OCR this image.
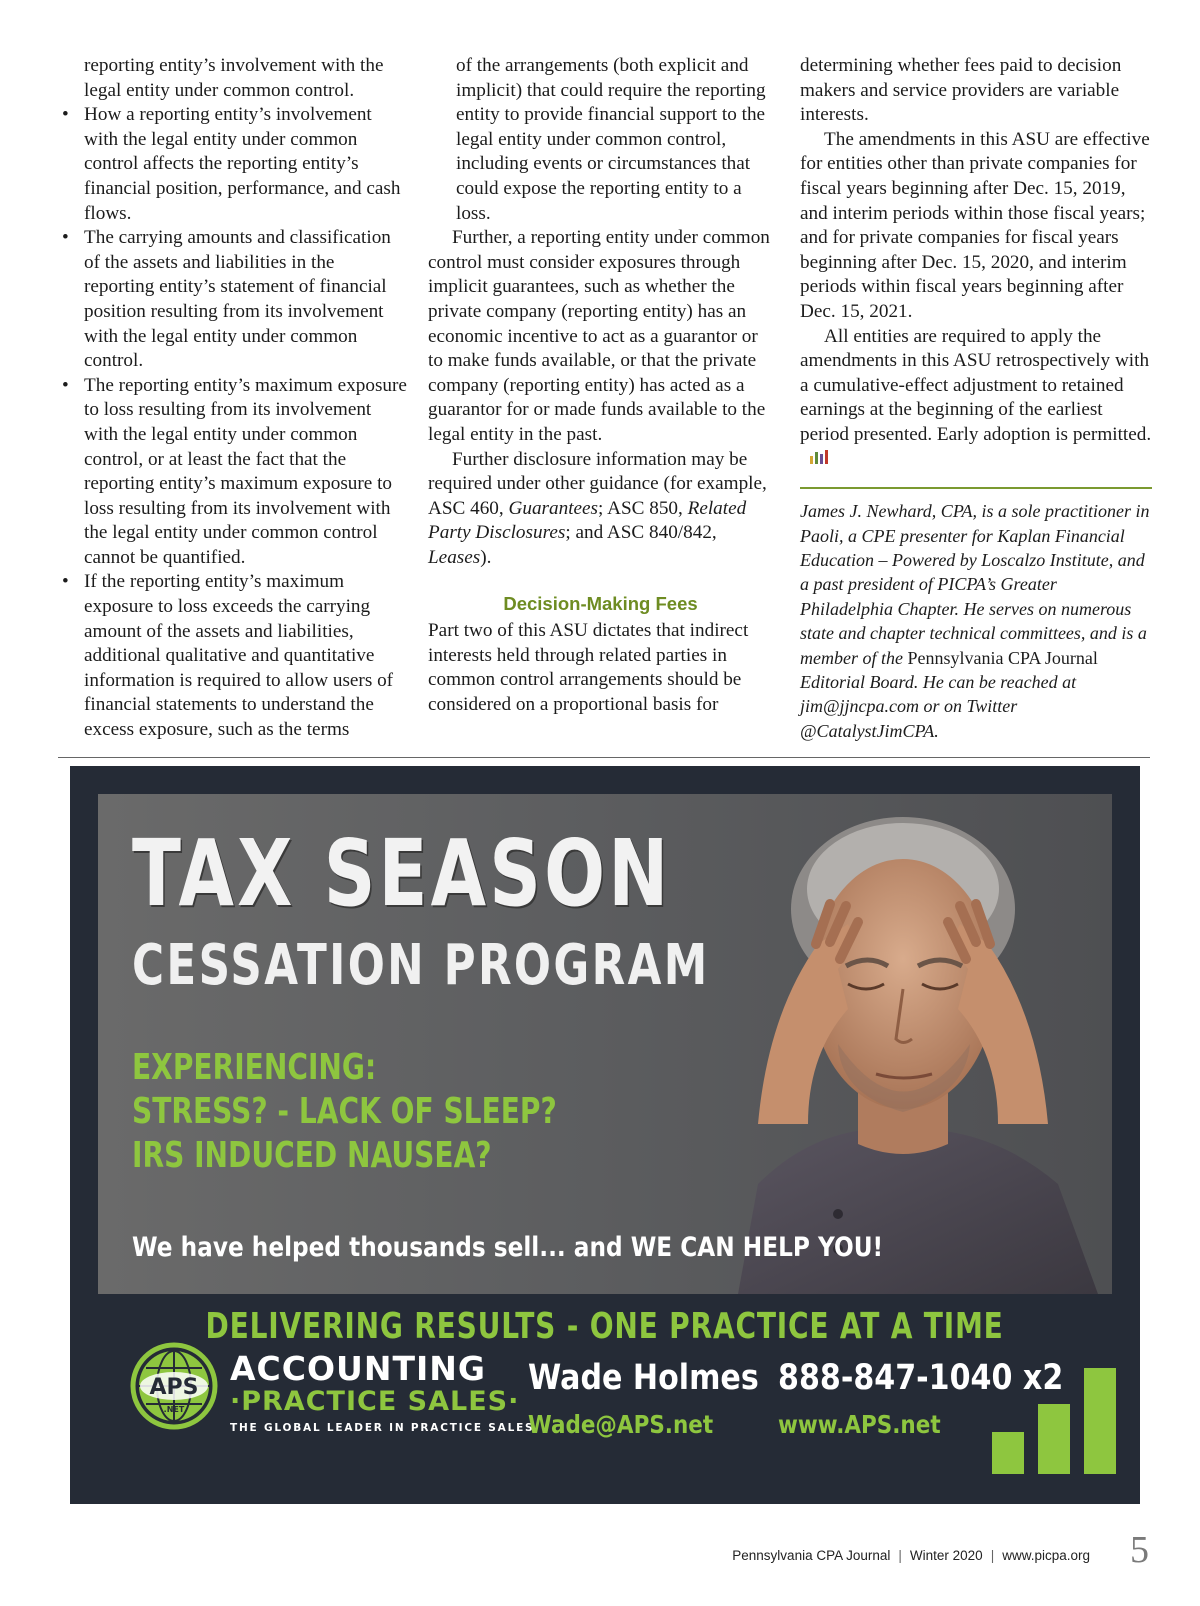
reporting entity’s involvement with the legal entity under common control.

• How a reporting entity’s involvement with the legal entity under common control affects the reporting entity’s financial position, performance, and cash flows.
• The carrying amounts and classification of the assets and liabilities in the reporting entity’s statement of financial position resulting from its involvement with the legal entity under common control.
• The reporting entity’s maximum exposure to loss resulting from its involvement with the legal entity under common control, or at least the fact that the reporting entity’s maximum exposure to loss resulting from its involvement with the legal entity under common control cannot be quantified.
• If the reporting entity’s maximum exposure to loss exceeds the carrying amount of the assets and liabilities, additional qualitative and quantitative information is required to allow users of financial statements to understand the excess exposure, such as the terms

of the arrangements (both explicit and implicit) that could require the reporting entity to provide financial support to the legal entity under common control, including events or circumstances that could expose the reporting entity to a loss.

Further, a reporting entity under common control must consider exposures through implicit guarantees, such as whether the private company (reporting entity) has an economic incentive to act as a guarantor or to make funds available, or that the private company (reporting entity) has acted as a guarantor for or made funds available to the legal entity in the past.

Further disclosure information may be required under other guidance (for example, ASC 460, Guarantees; ASC 850, Related Party Disclosures; and ASC 840/842, Leases).

Decision-Making Fees

Part two of this ASU dictates that indirect interests held through related parties in common control arrangements should be considered on a proportional basis for

determining whether fees paid to decision makers and service providers are variable interests.

The amendments in this ASU are effective for entities other than private companies for fiscal years beginning after Dec. 15, 2019, and interim periods within those fiscal years; and for private companies for fiscal years beginning after Dec. 15, 2020, and interim periods within fiscal years beginning after Dec. 15, 2021.

All entities are required to apply the amendments in this ASU retrospectively with a cumulative-effect adjustment to retained earnings at the beginning of the earliest period presented. Early adoption is permitted.

James J. Newhard, CPA, is a sole practitioner in Paoli, a CPE presenter for Kaplan Financial Education – Powered by Loscalzo Institute, and a past president of PICPA’s Greater Philadelphia Chapter. He serves on numerous state and chapter technical committees, and is a member of the Pennsylvania CPA Journal Editorial Board. He can be reached at jim@jjncpa.com or on Twitter @CatalystJimCPA.

TAX SEASON

CESSATION PROGRAM

EXPERIENCING:

STRESS? - LACK OF SLEEP?

IRS INDUCED NAUSEA?

We have helped thousands sell... and WE CAN HELP YOU!

DELIVERING RESULTS - ONE PRACTICE AT A TIME

APS
.NET

ACCOUNTING

·PRACTICE SALES·

THE GLOBAL LEADER IN PRACTICE SALES

Wade Holmes 888-847-1040 x2

Wade@APS.net	www.APS.net

Pennsylvania CPA Journal | Winter 2020 | www.picpa.org 5
